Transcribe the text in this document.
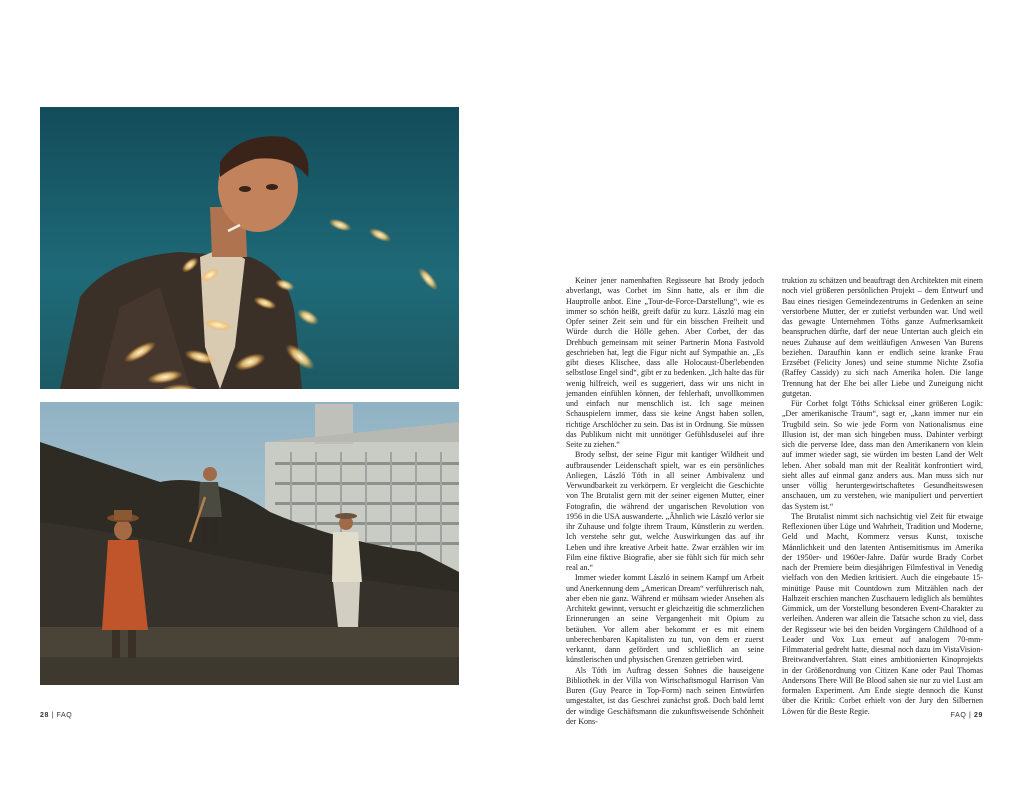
Keiner jener namenhaften Regisseure hat Brody jedoch abverlangt, was Corbet im Sinn hatte, als er ihm die Hauptrolle anbot. Eine „Tour-de-Force-Darstellung“, wie es immer so schön heißt, greift dafür zu kurz. László mag ein Opfer seiner Zeit sein und für ein bisschen Freiheit und Würde durch die Hölle gehen. Aber Corbet, der das Drehbuch gemeinsam mit seiner Partnerin Mona Fastvold geschrieben hat, legt die Figur nicht auf Sympathie an. „Es gibt dieses Klischee, dass alle Holocaust-Überlebenden selbstlose Engel sind“, gibt er zu bedenken. „Ich halte das für wenig hilfreich, weil es suggeriert, dass wir uns nicht in jemanden einfühlen können, der fehlerhaft, unvollkommen und einfach nur menschlich ist. Ich sage meinen Schauspielern immer, dass sie keine Angst haben sollen, richtige Arschlöcher zu sein. Das ist in Ordnung. Sie müssen das Publikum nicht mit unnötiger Gefühlsduselei auf ihre Seite zu ziehen.“

Brody selbst, der seine Figur mit kantiger Wildheit und aufbrausender Leidenschaft spielt, war es ein persönliches Anliegen, László Tóth in all seiner Ambivalenz und Verwundbarkeit zu verkörpern. Er vergleicht die Geschichte von The Brutalist gern mit der seiner eigenen Mutter, einer Fotografin, die während der ungarischen Revolution von 1956 in die USA auswanderte. „Ähnlich wie László verlor sie ihr Zuhause und folgte ihrem Traum, Künstlerin zu werden. Ich verstehe sehr gut, welche Auswirkungen das auf ihr Leben und ihre kreative Arbeit hatte. Zwar erzählen wir im Film eine fiktive Biografie, aber sie fühlt sich für mich sehr real an.“

Immer wieder kommt László in seinem Kampf um Arbeit und Anerkennung dem „American Dream“ verführerisch nah, aber eben nie ganz. Während er mühsam wieder Ansehen als Architekt gewinnt, versucht er gleichzeitig die schmerzlichen Erinnerungen an seine Vergangenheit mit Opium zu betäuben. Vor allem aber bekommt er es mit einem unberechenbaren Kapitalisten zu tun, von dem er zuerst verkannt, dann gefördert und schließlich an seine künstlerischen und physischen Grenzen getrieben wird.

Als Tóth im Auftrag dessen Sohnes die hauseigene Bibliothek in der Villa von Wirtschaftsmogul Harrison Van Buren (Guy Pearce in Top-Form) nach seinen Entwürfen umgestaltet, ist das Geschrei zunächst groß. Doch bald lernt der windige Geschäftsmann die zukunftsweisende Schönheit der Kons-

truktion zu schätzen und beauftragt den Architekten mit einem noch viel größeren persönlichen Projekt – dem Entwurf und Bau eines riesigen Gemeindezentrums in Gedenken an seine verstorbene Mutter, der er zutiefst verbunden war. Und weil das gewagte Unternehmen Tóths ganze Aufmerksamkeit beanspruchen dürfte, darf der neue Untertan auch gleich ein neues Zuhause auf dem weitläufigen Anwesen Van Burens beziehen. Daraufhin kann er endlich seine kranke Frau Erzsébet (Felicity Jones) und seine stumme Nichte Zsofia (Raffey Cassidy) zu sich nach Amerika holen. Die lange Trennung hat der Ehe bei aller Liebe und Zuneigung nicht gutgetan.

Für Corbet folgt Tóths Schicksal einer größeren Logik: „Der amerikanische Traum“, sagt er, „kann immer nur ein Trugbild sein. So wie jede Form von Nationalismus eine Illusion ist, der man sich hingeben muss. Dahinter verbirgt sich die perverse Idee, dass man den Amerikanern von klein auf immer wieder sagt, sie würden im besten Land der Welt leben. Aber sobald man mit der Realität konfrontiert wird, sieht alles auf einmal ganz anders aus. Man muss sich nur unser völlig heruntergewirtschaftetes Gesundheitswesen anschauen, um zu verstehen, wie manipuliert und pervertiert das System ist.“

The Brutalist nimmt sich nachsichtig viel Zeit für etwaige Reflexionen über Lüge und Wahrheit, Tradition und Moderne, Geld und Macht, Kommerz versus Kunst, toxische Männlichkeit und den latenten Antisemitismus im Amerika der 1950er- und 1960er-Jahre. Dafür wurde Brady Corbet nach der Premiere beim diesjährigen Filmfestival in Venedig vielfach von den Medien kritisiert. Auch die eingebaute 15-minütige Pause mit Countdown zum Mitzählen nach der Halbzeit erschien manchen Zuschauern lediglich als bemühtes Gimmick, um der Vorstellung besonderen Event-Charakter zu verleihen. Anderen war allein die Tatsache schon zu viel, dass der Regisseur wie bei den beiden Vorgängern Childhood of a Leader und Vox Lux erneut auf analogem 70-mm-Filmmaterial gedreht hatte, diesmal noch dazu im VistaVision-Breitwandverfahren. Statt eines ambitionierten Kinoprojekts in der Größenordnung von Citizen Kane oder Paul Thomas Andersons There Will Be Blood sahen sie nur zu viel Lust am formalen Experiment. Am Ende siegte dennoch die Kunst über die Kritik: Corbet erhielt von der Jury den Silbernen Löwen für die Beste Regie.

28 | FAQ	FAQ | 29
